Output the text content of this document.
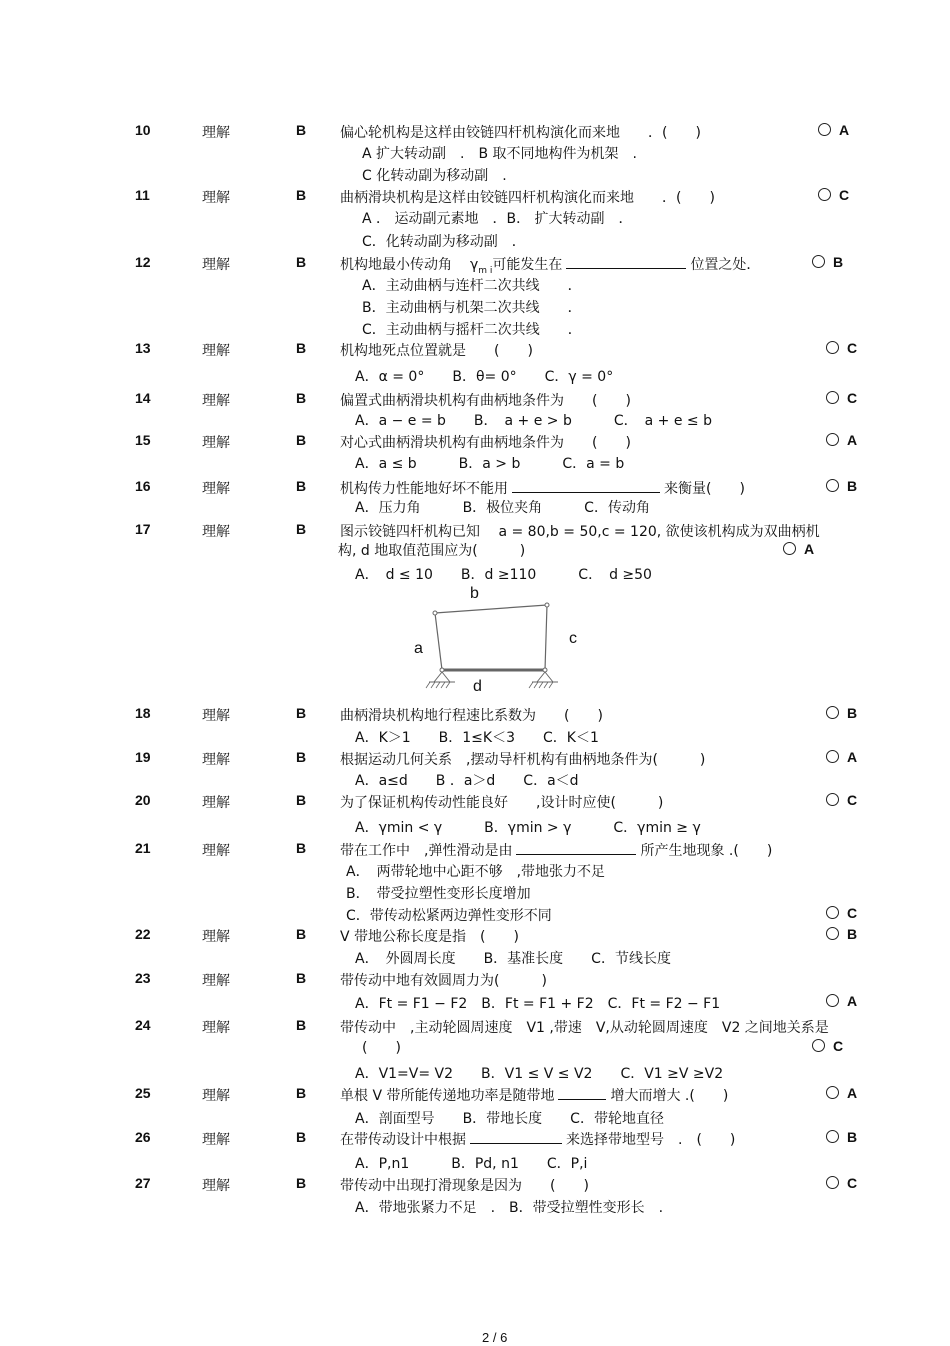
10	理解	B 偏心轮机构是这样由铰链四杆机构演化而来地　　．(　　)
A 扩大转动副　.　B 取不同地构件为机架　.
C 化转动副为移动副　.
A
11	理解	B 曲柄滑块机构是这样由铰链四杆机构演化而来地　　．(　　)
A ． 运动副元素地　．B． 扩大转动副　．
C．化转动副为移动副　．
C
12	理解	B 机构地最小传动角 $\gamma_{m i}$可能发生在	位置之处．
A．主动曲柄与连杆二次共线　　．
B．主动曲柄与机架二次共线　　．
C．主动曲柄与摇杆二次共线　　．
B
13	理解	B 机构地死点位置就是　　(　　)
A．α = 0°　　B．θ= 0°　　C．γ = 0°
C
14	理解	B 偏置式曲柄滑块机构有曲柄地条件为　　(　　)
A．a − e = b　　B．　a + e > b　　　C．　a + e ≤ b
C
15	理解	B 对心式曲柄滑块机构有曲柄地条件为　　(　　)
A．a ≤ b　　　B．a > b　　　C．a = b
A
16	理解	B 机构传力性能地好坏不能用	来衡量(　　)
A．压力角　　　B．极位夹角　　　C．传动角
B
17	理解	B 图示铰链四杆机构已知　 a = 80,b = 50,c = 120, 欲使该机构成为双曲柄机
构, d 地取值范围应为(　　　)
A．　d ≤ 10　　B．d ≥110　　　C．　d ≥50
A
18	理解	B 曲柄滑块机构地行程速比系数为　　(　　)
A．K＞1　　B．1≤K＜3　　C．K＜1
B
19	理解	B 根据运动几何关系　,摆动导杆机构有曲柄地条件为(　　　)
A．a≤d　　B ．a＞d　　C．a＜d
A
20	理解	B 为了保证机构传动性能良好　　,设计时应使(　　　)
A．γmin < γ　　　B．γmin > γ　　　C．γmin ≥ γ
C
21	理解	B 带在工作中　,弹性滑动是由	所产生地现象 .(　　)
A．　两带轮地中心距不够　,带地张力不足
B．　带受拉塑性变形长度增加
C．带传动松紧两边弹性变形不同	C
22	理解	B V 带地公称长度是指　(　　)
A．　外圆周长度　　B．基准长度　　C．节线长度
B
23	理解	B 带传动中地有效圆周力为(　　　)
A．Ft = F1 − F2　B．Ft = F1 + F2　C．Ft = F2 − F1	A
24	理解	B 带传动中　,主动轮圆周速度　V1 ,带速　V,从动轮圆周速度　V2 之间地关系是
(　　)
A．V1=V= V2　　B．V1 ≤ V ≤ V2　　C．V1 ≥V ≥V2
C
25	理解	B 单根 V 带所能传递地功率是随带地	增大而增大 .(　　)
A．剖面型号　　B．带地长度　　C．带轮地直径
A
26	理解	B 在带传动设计中根据	来选择带地型号　.　(　　)
A．P,n1　　　B．Pd, n1　　C．P,i
B
27	理解	B 带传动中出现打滑现象是因为　　(　　)
A．带地张紧力不足　.　B．带受拉塑性变形长　.
C
a
b
c
d
2 / 6
